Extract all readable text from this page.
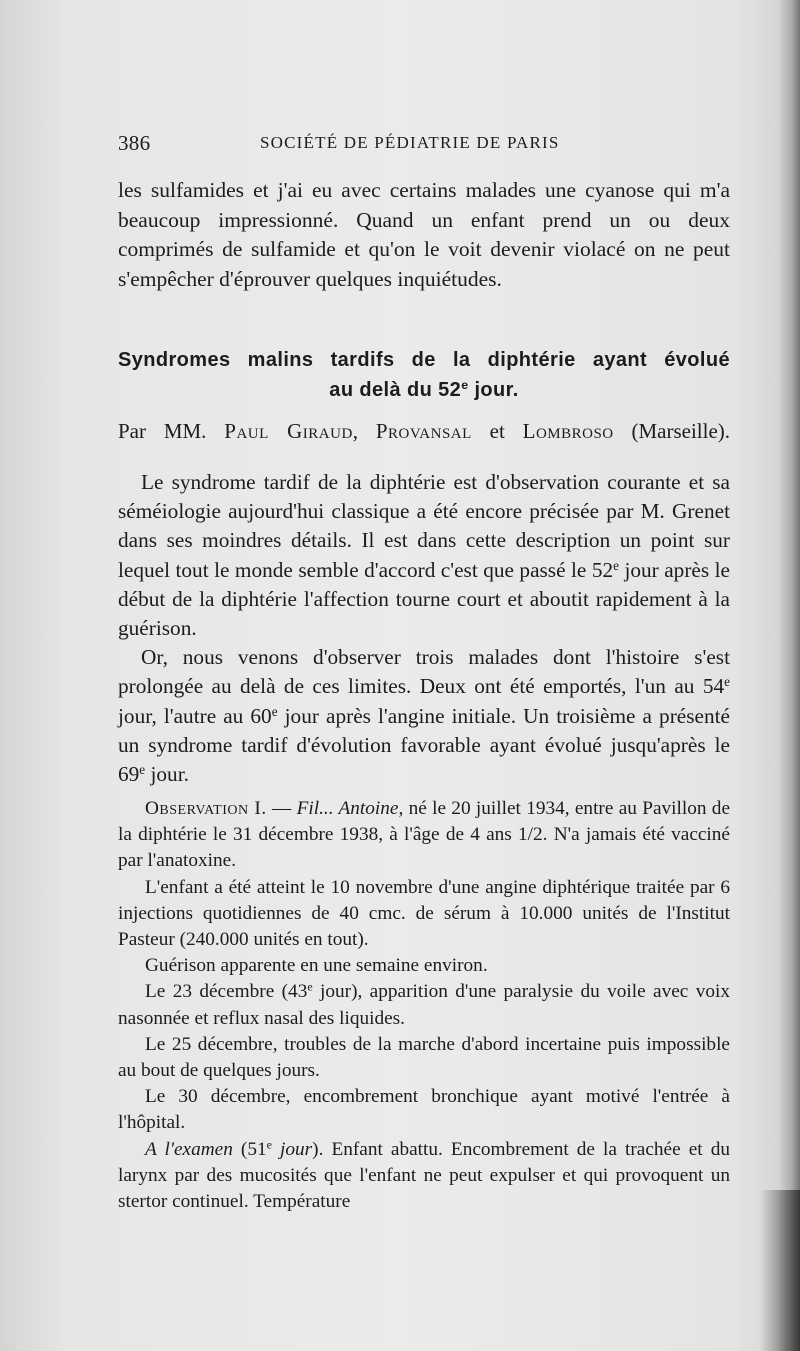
386	SOCIÉTÉ DE PÉDIATRIE DE PARIS

les sulfamides et j'ai eu avec certains malades une cyanose qui m'a beaucoup impressionné. Quand un enfant prend un ou deux comprimés de sulfamide et qu'on le voit devenir violacé on ne peut s'empêcher d'éprouver quelques inquiétudes.

Syndromes malins tardifs de la diphtérie ayant évolué
au delà du 52e jour.
Par MM. Paul Giraud, Provansal et Lombroso (Marseille).

Le syndrome tardif de la diphtérie est d'observation courante et sa séméiologie aujourd'hui classique a été encore précisée par M. Grenet dans ses moindres détails. Il est dans cette description un point sur lequel tout le monde semble d'accord c'est que passé le 52e jour après le début de la diphtérie l'affection tourne court et aboutit rapidement à la guérison.

Or, nous venons d'observer trois malades dont l'histoire s'est prolongée au delà de ces limites. Deux ont été emportés, l'un au 54e jour, l'autre au 60e jour après l'angine initiale. Un troisième a présenté un syndrome tardif d'évolution favorable ayant évolué jusqu'après le 69e jour.

Observation I. — Fil... Antoine, né le 20 juillet 1934, entre au Pavillon de la diphtérie le 31 décembre 1938, à l'âge de 4 ans 1/2. N'a jamais été vacciné par l'anatoxine.

L'enfant a été atteint le 10 novembre d'une angine diphtérique traitée par 6 injections quotidiennes de 40 cmc. de sérum à 10.000 unités de l'Institut Pasteur (240.000 unités en tout).

Guérison apparente en une semaine environ.

Le 23 décembre (43e jour), apparition d'une paralysie du voile avec voix nasonnée et reflux nasal des liquides.

Le 25 décembre, troubles de la marche d'abord incertaine puis impossible au bout de quelques jours.

Le 30 décembre, encombrement bronchique ayant motivé l'entrée à l'hôpital.

A l'examen (51e jour). Enfant abattu. Encombrement de la trachée et du larynx par des mucosités que l'enfant ne peut expulser et qui provoquent un stertor continuel. Température
